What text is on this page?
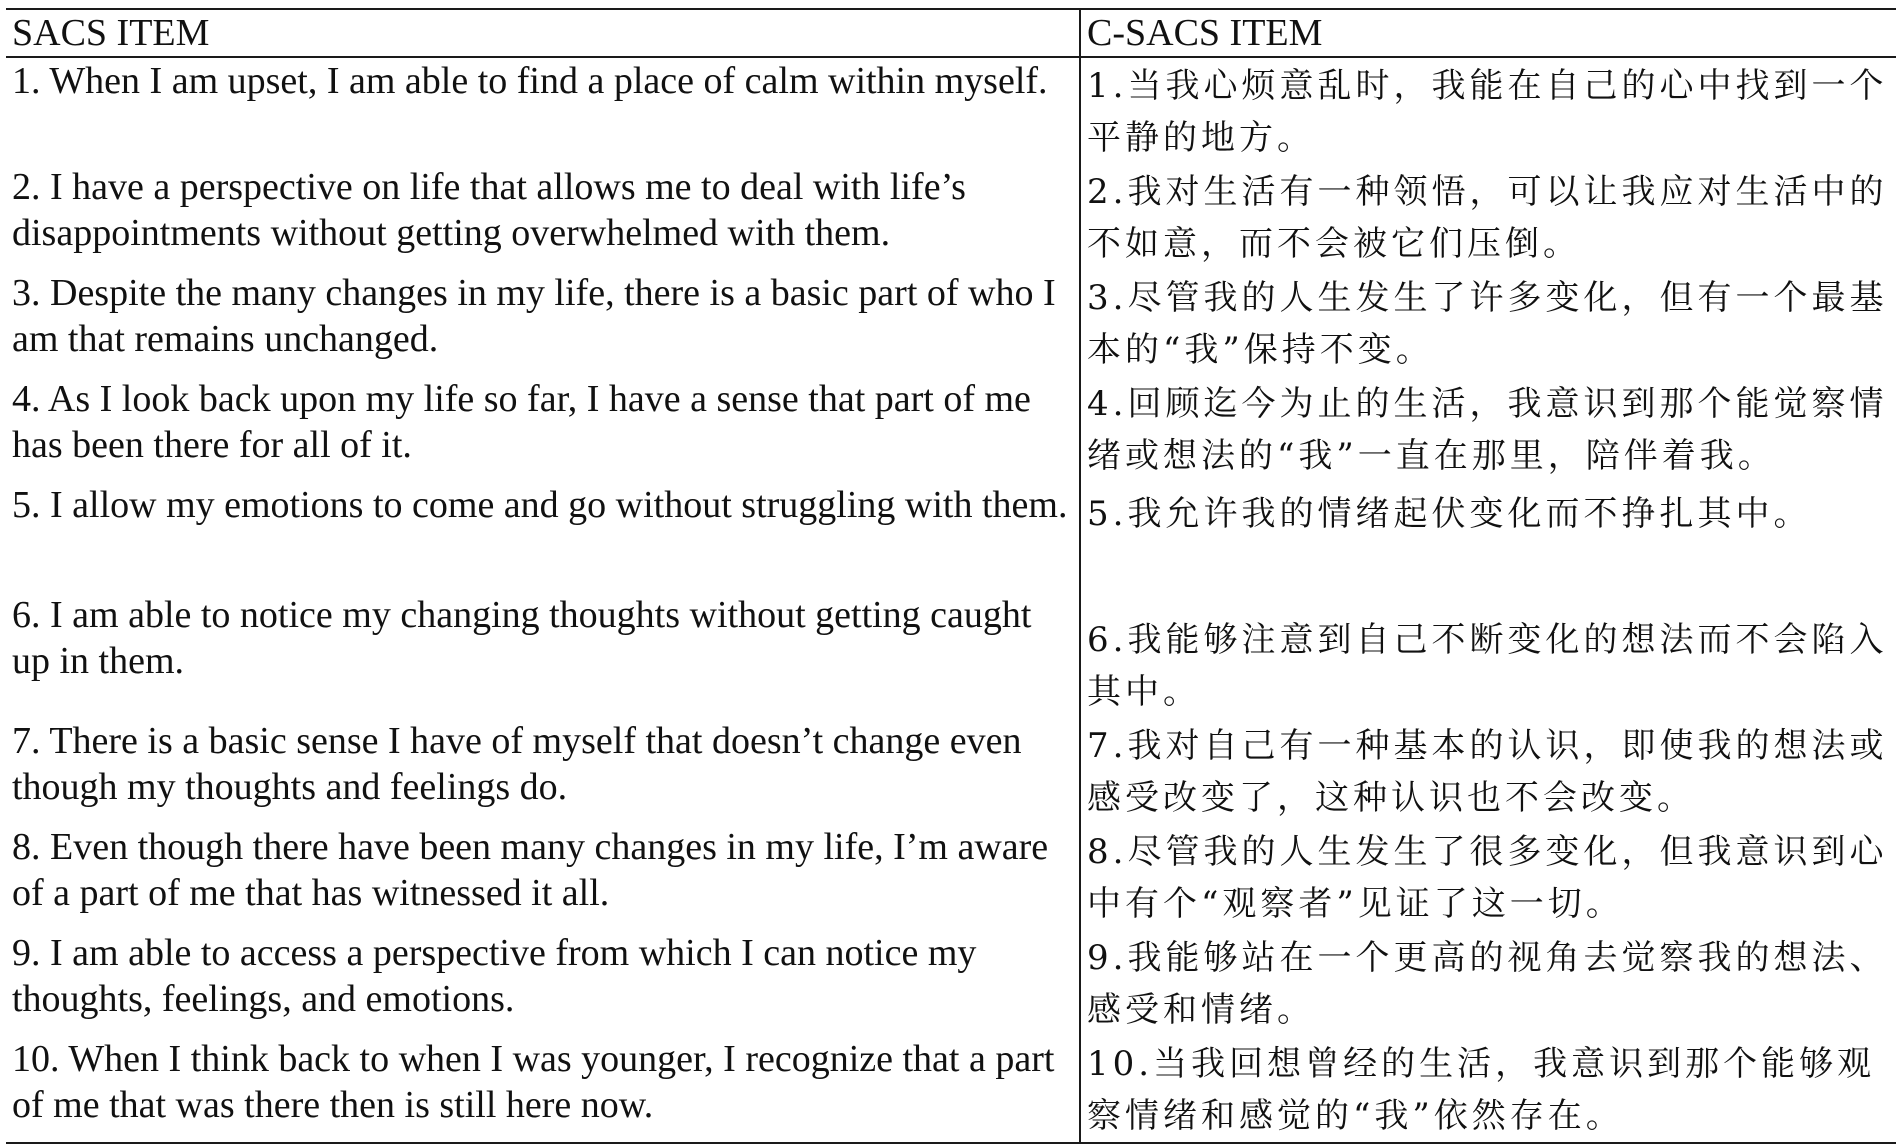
SACS ITEM	C-SACS ITEM
1. When I am upset, I am able to find a place of calm within myself.	1.当我心烦意乱时，我能在自己的心中找到一个平静的地方。
2. I have a perspective on life that allows me to deal with life’s disappointments without getting overwhelmed with them.	2.我对生活有一种领悟，可以让我应对生活中的不如意，而不会被它们压倒。
3. Despite the many changes in my life, there is a basic part of who I am that remains unchanged.	3.尽管我的人生发生了许多变化，但有一个最基本的“我”保持不变。
4. As I look back upon my life so far, I have a sense that part of me has been there for all of it.	4.回顾迄今为止的生活，我意识到那个能觉察情绪或想法的“我”一直在那里，陪伴着我。
5. I allow my emotions to come and go without struggling with them.	5.我允许我的情绪起伏变化而不挣扎其中。
6. I am able to notice my changing thoughts without getting caught up in them.	6.我能够注意到自己不断变化的想法而不会陷入其中。
7. There is a basic sense I have of myself that doesn’t change even though my thoughts and feelings do.	7.我对自己有一种基本的认识，即使我的想法或感受改变了，这种认识也不会改变。
8. Even though there have been many changes in my life, I’m aware of a part of me that has witnessed it all.	8.尽管我的人生发生了很多变化，但我意识到心中有个“观察者”见证了这一切。
9. I am able to access a perspective from which I can notice my thoughts, feelings, and emotions.	9.我能够站在一个更高的视角去觉察我的想法、感受和情绪。
10. When I think back to when I was younger, I recognize that a part of me that was there then is still here now.	10.当我回想曾经的生活，我意识到那个能够观察情绪和感觉的“我”依然存在。
